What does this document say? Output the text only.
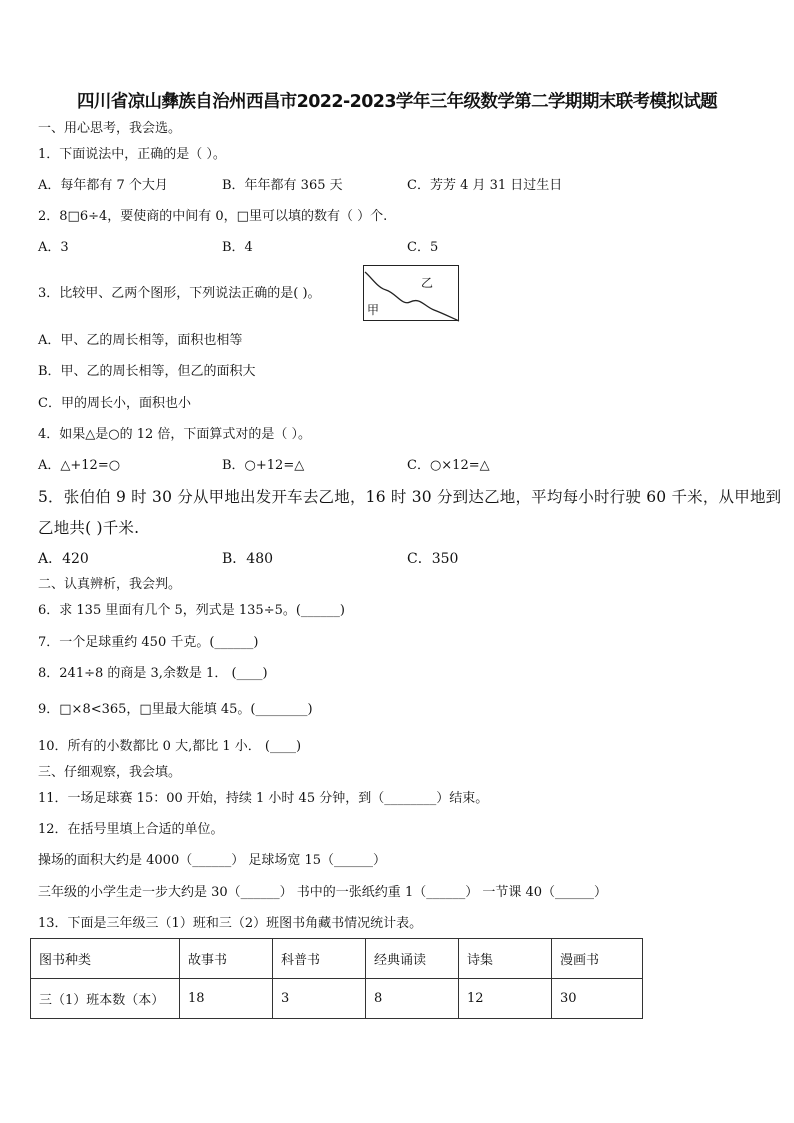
四川省凉山彝族自治州西昌市2022-2023学年三年级数学第二学期期末联考模拟试题
一、用心思考，我会选。
1．下面说法中，正确的是（ ）。
A．每年都有 7 个大月	B．年年都有 365 天	C．芳芳 4 月 31 日过生日
2．8□6÷4，要使商的中间有 0，□里可以填的数有（ ）个.
A．3	B．4	C．5
3．比较甲、乙两个图形，下列说法正确的是( )。
乙
甲
A．甲、乙的周长相等，面积也相等
B．甲、乙的周长相等，但乙的面积大
C．甲的周长小，面积也小
4．如果△是○的 12 倍，下面算式对的是（ ）。
A．△+12=○	B．○+12=△	C．○×12=△
5．张伯伯 9 时 30 分从甲地出发开车去乙地，16 时 30 分到达乙地，平均每小时行驶 60 千米，从甲地到
乙地共( )千米.
A．420	B．480	C．350
二、认真辨析，我会判。
6．求 135 里面有几个 5，列式是 135÷5。(______)
7．一个足球重约 450 千克。(______)
8．241÷8 的商是 3,余数是 1． (____)
9．□×8<365，□里最大能填 45。(________)
10．所有的小数都比 0 大,都比 1 小． (____)
三、仔细观察，我会填。
11．一场足球赛 15：00 开始，持续 1 小时 45 分钟，到（________）结束。
12．在括号里填上合适的单位。
操场的面积大约是 4000（______） 足球场宽 15（______）
三年级的小学生走一步大约是 30（______） 书中的一张纸约重 1（______） 一节课 40（______）
13．下面是三年级三（1）班和三（2）班图书角藏书情况统计表。
图书种类	故事书	科普书	经典诵读	诗集	漫画书
三（1）班本数（本）	18	3	8	12	30
